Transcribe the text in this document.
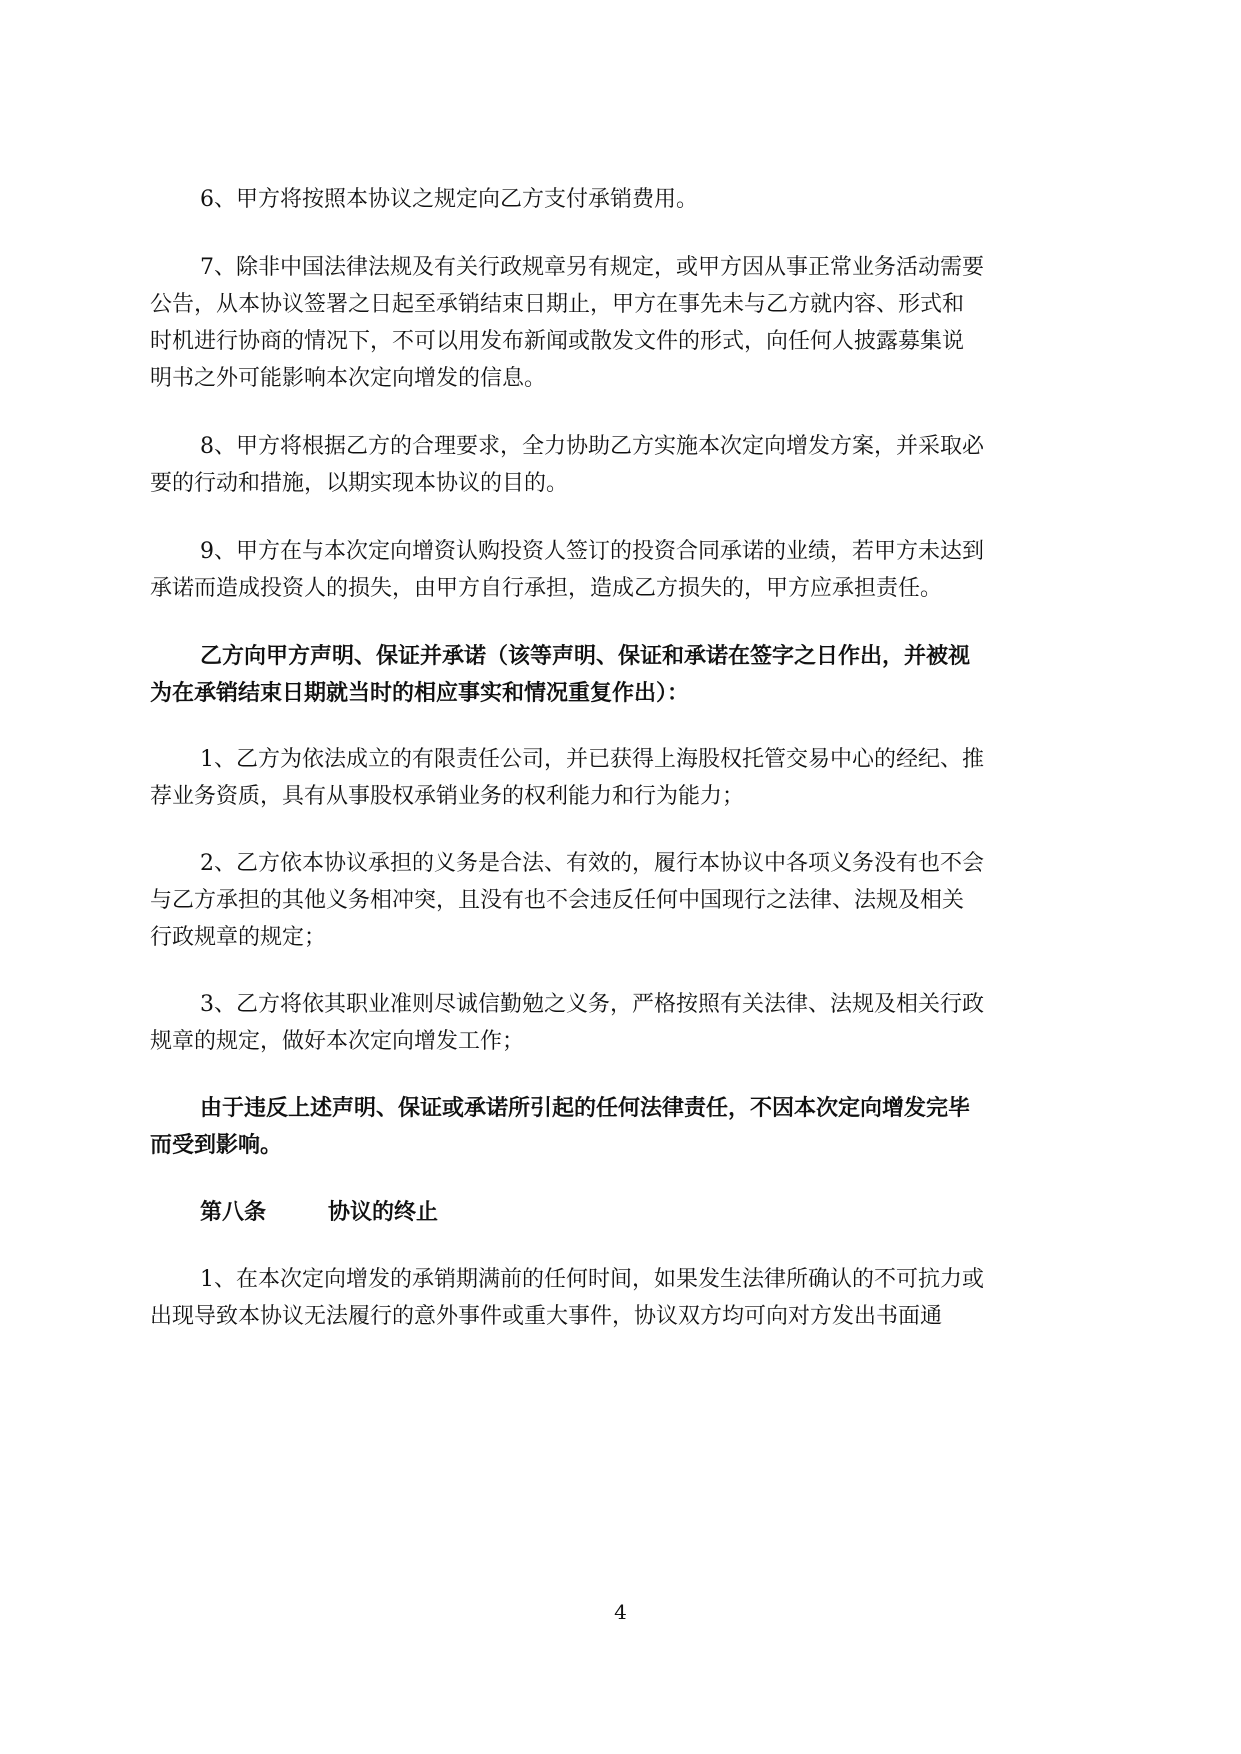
6、甲方将按照本协议之规定向乙方支付承销费用。
7、除非中国法律法规及有关行政规章另有规定，或甲方因从事正常业务活动需要
公告，从本协议签署之日起至承销结束日期止，甲方在事先未与乙方就内容、形式和
时机进行协商的情况下，不可以用发布新闻或散发文件的形式，向任何人披露募集说
明书之外可能影响本次定向增发的信息。
8、甲方将根据乙方的合理要求，全力协助乙方实施本次定向增发方案，并采取必
要的行动和措施，以期实现本协议的目的。
9、甲方在与本次定向增资认购投资人签订的投资合同承诺的业绩，若甲方未达到
承诺而造成投资人的损失，由甲方自行承担，造成乙方损失的，甲方应承担责任。
乙方向甲方声明、保证并承诺（该等声明、保证和承诺在签字之日作出，并被视
为在承销结束日期就当时的相应事实和情况重复作出）：
1、乙方为依法成立的有限责任公司，并已获得上海股权托管交易中心的经纪、推
荐业务资质，具有从事股权承销业务的权利能力和行为能力；
2、乙方依本协议承担的义务是合法、有效的，履行本协议中各项义务没有也不会
与乙方承担的其他义务相冲突，且没有也不会违反任何中国现行之法律、法规及相关
行政规章的规定；
3、乙方将依其职业准则尽诚信勤勉之义务，严格按照有关法律、法规及相关行政
规章的规定，做好本次定向增发工作；
由于违反上述声明、保证或承诺所引起的任何法律责任，不因本次定向增发完毕
而受到影响。
第八条	协议的终止
1、在本次定向增发的承销期满前的任何时间，如果发生法律所确认的不可抗力或
出现导致本协议无法履行的意外事件或重大事件，协议双方均可向对方发出书面通
4
